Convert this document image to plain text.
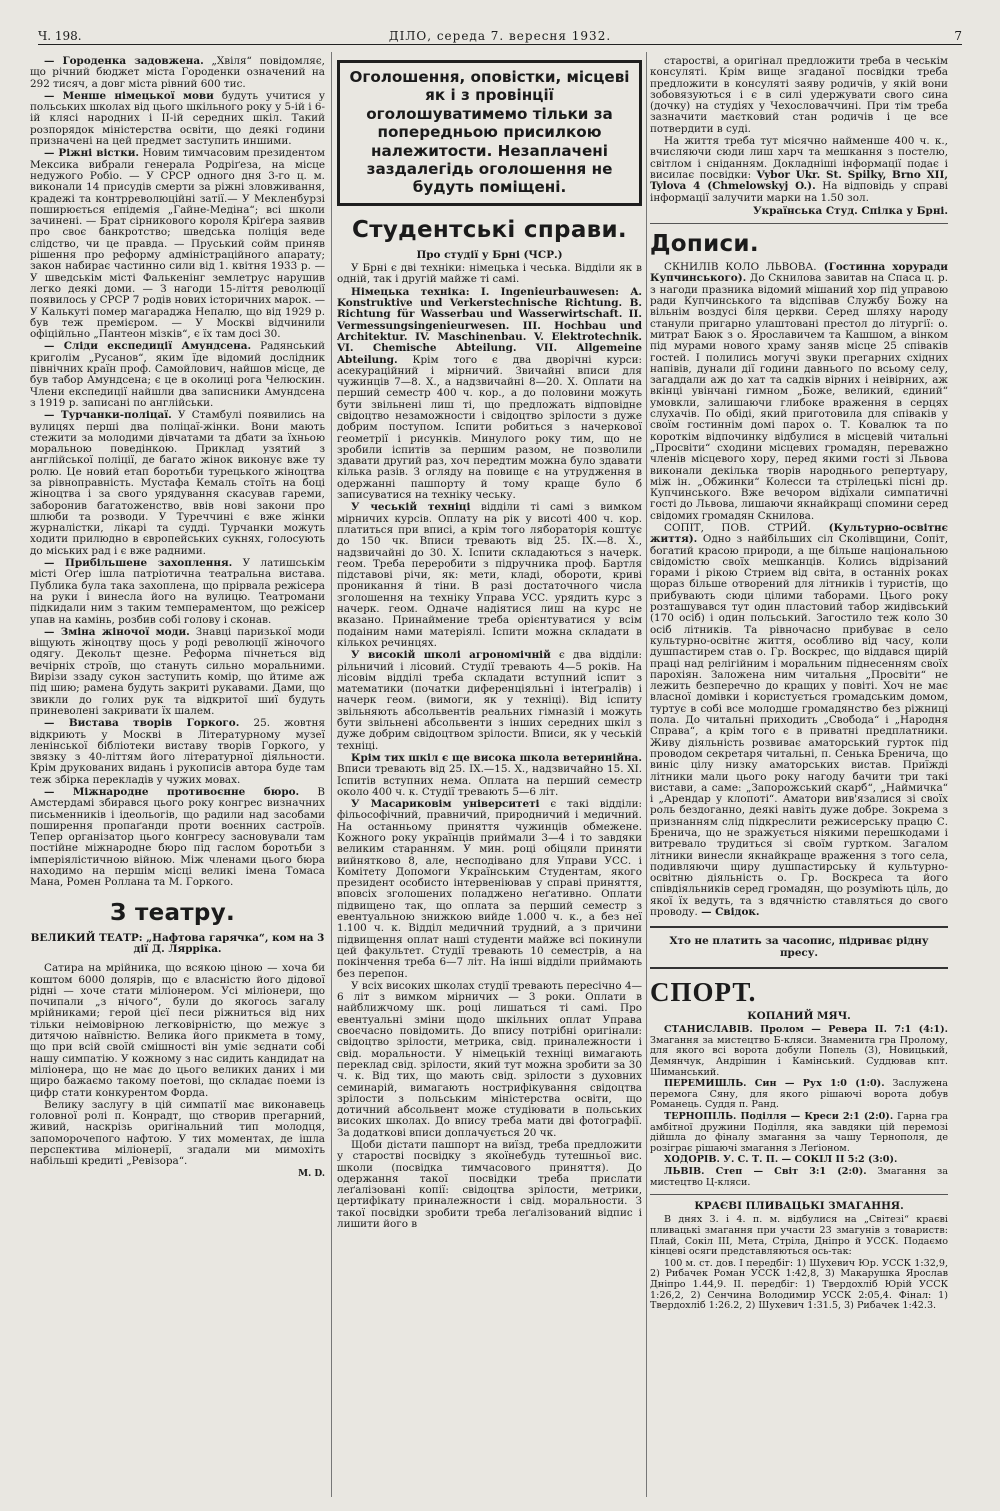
Ч. 198.	ДІЛО, середа 7. вересня 1932.	7

— Городенка задовжена. „Хвіля“ повідомляє, що річний бюджет міста Городенки означений на 292 тисяч, а довг міста рівний 600 тис.

— Менше німецької мови будуть учитися у польських школах від цього шкільного року у 5-ій і 6-ій клясі народних і ІІ-ій середних шкіл. Такий розпорядок міністерства освіти, що деякі години призначені на цей предмет заступить иншими.

— Ріжні вістки. Новим тимчасовим президентом Мексика вибрали генерала Родріґеза, на місце недужого Робіо. — У СРСР одного дня 3-го ц. м. виконали 14 присудів смерти за ріжні зловживання, крадежі та контрреволюційні затії.— У Мекленбурзі поширюється епідемія „Гайне-Медіна“; всі школи зачинені. — Брат сірникового короля Кріґера заявив про своє банкротство; шведська поліція веде слідство, чи це правда. — Пруський сойм приняв рішення про реформу адміністраційного апарату; закон набирає частинно сили від 1. квітня 1933 р. — У шведськім місті Фалькенінг землетрус нарушив легко деякі доми. — З нагоди 15-ліття революції появилось у СРСР 7 родів нових історичних марок. — У Калькуті помер магараджа Непалю, що від 1929 р. був теж премієром. — У Москві відчинили офіційльно „Пантеон мізків“, є їх там досі 30.

— Сліди експедиції Амундсена. Радянський криголім „Русанов“, яким їде відомий дослідник північних країн проф. Самойлович, найшов місце, де був табор Амундсена; є це в околиці рога Челюскин. Члени експедиції найшли два записники Амундсена з 1919 р. записані по англійськи.

— Турчанки-поліцаї. У Стамбулі появились на вулицях перші два поліцаї-жінки. Вони мають стежити за молодими дівчатами та дбати за їхньою моральною поведінкою. Приклад узятий з англійської поліції, де багато жінок виконує вже ту ролю. Це новий етап боротьби турецького жіноцтва за рівноправність. Мустафа Кемаль стоїть на боці жіноцтва і за свого урядування скасував гареми, заборонив багатоженство, ввів нові закони про шлюби та розводи. У Туреччині є вже жінки журналістки, лікарі та судді. Турчанки можуть ходити прилюдно в європейських сукнях, голосують до міських рад і є вже радними.

— Прибільшене захоплення. У латишськім місті Оґер ішла патріотична театральна вистава. Публика була така захоплена, що прірвала режісера на руки і винесла його на вулицю. Театромани підкидали ним з таким темпераментом, що режісер упав на камінь, розбив собі голову і сконав.

— Зміна жіночої моди. Знавці паризької моди віщують жіноцтву щось у роді революції жіночого одягу. Декольт щезне. Реформа пічнеться від вечірніх строїв, що стануть сильно моральними. Вирізи ззаду сукон заступить комір, що йтиме аж під шию; рамена будуть закриті рукавами. Дами, що звикли до голих рук та відкритої шиї будуть приневолені закривати їх шалем.

— Вистава творів Горкого. 25. жовтня відкриють у Москві в Літературному музеї ленінської бібліотеки виставу творів Горкого, у звязку з 40-літтям його літературної діяльности. Крім друкованих видань і рукописів автора буде там теж збірка перекладів у чужих мовах.

— Міжнародне противоєнне бюро. В Амстердамі збирався цього року конгрес визначних письменників і ідеольогів, що радили над засобами поширення пропаґанди проти воєнних састроїв. Тепер організатор цього конгресу засновували там постійне міжнародне бюро під гаслом боротьби з імперіялістичною війною. Між членами цього бюра находимо на першім місці великі імена Томаса Мана, Ромен Роллана та М. Горкого.

З театру.
ВЕЛИКИЙ ТЕАТР: „Нафтова гарячка“, ком на 3 дії Д. Лярріка.

Сатира на мрійника, що всякою ціною — хоча би коштом 6000 долярів, що є власністю його дідової рідні — хоче стати міліонером. Усі міліонери, що почипали „з нічого“, були до якогось загалу мрійниками; герой цієї песи ріжниться від них тільки неімовірною легковірністю, що межує з дитячою наївністю. Велика його прикмета в тому, що при всій своїй смішності він уміє зєднати собі нашу симпатію. У кожному з нас сидить кандидат на міліонера, що не має до цього великих даних і ми щиро бажаємо такому поетові, що складає поеми із цифр стати конкурентом Форда.

Велику заслугу в цій симпатії має виконавець головної ролі п. Конрадт, що створив прегарний, живий, наскрізь оригінальний тип молодця, запоморочепого нафтою. У тих моментах, де ішла перспектива міліонерії, згадали ми мимохіть набільші кредиті „Ревізора“.

М. D.
Оголошення, оповістки, місцеві як і з провінції оголошуватимемо тільки за попередньою присилкою належитости. Незаплачені заздалегідь оголошення не будуть поміщені.
Студентські справи.
Про студії у Брні (ЧСР.)

У Брні є дві техніки: німецька і чеська. Відділи як в одній, так і другій майже ті самі.

Німецька техніка: І. Ingenieurbauwesen: A. Konstruktive und Verkerstechnische Richtung. B. Richtung für Wasserbau und Wasserwirtschaft. ІІ. Vermessungsingenieurwesen. III. Hochbau und Architektur. IV. Maschinenbau. V. Elektrotechnik. VI. Chemische Abteilung. VII. Allgemeine Abteilung. Крім того є два дворічні курси: асекураційний і мірничий. Звичайні вписи для чужинців 7—8. Х., а надзвичайні 8—20. Х. Оплати на перший семестр 400 ч. кор., а до половини можуть бути звільнені лиш ті, що предложать відповідне свідоцтво незаможности і свідоцтво зрілости з дуже добрим поступом. Іспити робиться з начеркової геометрії і рисунків. Минулого року тим, що не зробили іспитів за першим разом, не позволили здавати другий раз, хоч передтим можна було здавати кілька разів. З огляду на повище є на утрудження в одержанні пашпорту й тому краще було б записуватися на техніку чеську.

У чеській техніці відділи ті самі з вимком мірничих курсів. Оплату на рік у висоті 400 ч. кор. платиться при вписі, а крім того лябораторія коштує до 150 чк. Вписи тревають від 25. IX.—8. Х., надзвичайні до 30. Х. Іспити складаються з начерк. геом. Треба переробити з підручника проф. Бартля підставові річи, як: мети, кладі, обороти, криві проникання й тіни. В разі достаточного числа зголошення на техніку Управа УСС. урядить курс з начерк. геом. Одначе надіятися лиш на курс не вказано. Принаймение треба орієнтуватися у всім подаіним нами матеріялі. Іспити можна складати в кількох речинцях.

У високій школі агрономічній є два відділи: рільничий і лісовий. Студії тревають 4—5 років. На лісовім відділі треба складати вступний іспит з математики (початки диференціяльні і інтеґралів) і начерк геом. (вимоги, як у техніці). Від іспиту звільняють абсольвентів реальних гімназій і можуть бути звільнені абсольвенти з інших середних шкіл з дуже добрим свідоцтвом зрілости. Вписи, як у чеській техніці.

Крім тих шкіл є ще висока школа ветеринійна. Вписи тревають від 25. IX.—15. X., надзвичайно 15. XI. Іспитів вступних нема. Оплата на перший семестр около 400 ч. к. Студії тревають 5—6 літ.

У Масариковім університеті є такі відділи: фільософічний, правничий, природничий і медичний. На останньому приняття чужинців обмежене. Кожного року українців приймали 3—4 і то завдяки великим старанням. У мин. році обіцяли приняти вийнятково 8, але, несподівано для Управи УСС. і Комітету Допомоги Українським Студентам, якого президент особисто інтервеніював у справі приняття, вповсіх зголошених поладжено неґативно. Оплати підвищено так, що оплата за перший семестр з евентуальною знижкою вийде 1.000 ч. к., а без неї 1.100 ч. к. Відділ медичний трудний, а з причини підвищення оплат наші студенти майже всі покинули цей факультет. Студії тревають 10 семестрів, а на покінчення треба 6—7 літ. На інші відділи приймають без перепон.

У всіх високих школах студії тревають пересічно 4—6 літ з вимком мірничих — 3 роки. Оплати в найближчому шк. році лишаться ті самі. Про евентуальні зміни щодо шкільних оплат Управа своєчасно повідомить. До впису потрібні оригінали: свідоцтво зрілости, метрика, свід. приналежности і свід. моральности. У німецькій техніці вимагають переклад свід. зрілости, який тут можна зробити за 30 ч. к. Від тих, що мають свід. зрілости з духовних семинарій, вимагають нострифікування свідоцтва зрілости з польським міністерства освіти, що дотичний абсольвент може студіювати в польських високих школах. До впису треба мати дві фотографії. За додаткові вписи доплачується 20 чк.

Щоби дістати пашпорт на виїзд, треба предложити у старостві посвідку з якоїнебудь тутешньої вис. школи (посвідка тимчасового приняття). До одержання такої посвідки треба прислати леґалізовані копії: свідоцтва зрілости, метрики, цертифікату приналежности і свід. моральности. З такої посвідки зробити треба леґалізований відпис і лишити його в

старостві, а оригінал предложити треба в чеськім консуляті. Крім вище згаданої посвідки треба предложити в консуляті заяву родичів, у якій вони зобовязуються і є в силі удержувати свого сина (дочку) на студіях у Чехословаччині. При тім треба зазначити маєтковий стан родичів і це все потвердити в суді.

На життя треба тут місячно найменше 400 ч. к., вчисляючи сюди лиш харч та мешкання з постелю, світлом і сніданням. Докладніші інформації подає і висилає посвідки: Vybor Ukr. St. Spilky, Brno XII, Tylova 4 (Chmelowskyj O.). На відповідь у справі інформації залучити марки на 1.50 зол.

Українська Студ. Спілка у Брні.
Дописи.

СКНИЛІВ КОЛО ЛЬВОВА. (Гостинна хоруради Купчинського). До Скнилова завитав на Спаса ц. р. з нагоди празника відомий мішаний хор під управою ради Купчинського та відспівав Службу Божу на вільнім воздусі біля церкви. Серед шляху народу станули пригарно улаштовані престол до літургії: о. митрат Баюк з о. Ярославичем та Кашшом, а вінком під мурами нового храму заняв місце 25 співаків гостей. І полились могучі звуки прегарних східних напівів, дунали дії години давнього по всьому селу, загаддали аж до хат та садків вірних і неівірних, аж вкінці увінчані гимном „Боже, великий, єдиний“ умовкли, залишаючи глибоке враження в серцях слухачів. По обіді, який приготовила для співаків у своїм гостиннім домі парох о. Т. Ковалюк та по короткім відпочинку відбулися в місцевій читальні „Просвіти“ сходини місцевих громадян, переважно членів місцевого хору, перед якими гості зі Львова виконали декілька творів народнього репертуару, між ін. „Обжинки“ Колесси та стрілецькі пісні др. Купчинського. Вже вечором відїхали симпатичні гості до Львова, лишаючи якнайкращі спомини серед свідомих громадян Скнилова.

СОПІТ, ПОВ. СТРИЙ. (Культурно-освітнє життя). Одно з найбільших сіл Сколівщини, Сопіт, богатий красою природи, а ще більше національною свідомістю своїх мешканців. Колись відрізаний горами і рікою Стрием від світа, в останніх роках щораз більше отворений для літників і туристів, що прибувають сюди цілими таборами. Цього року розташувався тут один пластовий табор жидівський (170 осіб) і один польський. Загостило теж коло 30 осіб літників. Та рівночасно прибуває в село культурно-освітнє життя, особливо від часу, коли душпастирем став о. Гр. Воскрес, що віддався щирій праці над релігійним і моральним піднесенням своїх парохіян. Заложена ним читальня „Просвіти“ не лежить безперечно до кращих у повіті. Хоч не має власної домівки і користується громадським домом, туртує в собі все молодше громадянство без ріжниці пола. До читальні приходить „Свобода“ і „Народня Справа“, а крім того є в приватні предплатники. Живу діяльність розвиває аматорський гурток під проводом секретаря читальні, п. Сенька Бренича, що виніс цілу низку аматорських вистав. Приїжді літники мали цього року нагоду бачити три такі вистави, а саме: „Запорожський скарб“, „Наймичка“ і „Арендар у клопоті“. Аматори вив'язалися зі своїх роль бездоганно, деякі навіть дуже добре. Зокрема з признанням слід підкреслити режисерську працю С. Бренича, що не зражується ніякими перешкодами і витревало трудиться зі своїм гуртком. Загалом літники винесли якнайкраще враження з того села, подивляючи щиру душпастирську й культурно-освітню діяльність о. Гр. Воскреса та його співдіяльників серед громадян, що розуміють ціль, до якої їх ведуть, та з вдячністю ставляться до свого проводу. — Свідок.

Хто не платить за часопис, підриває рідну пресу.
СПОРТ.
КОПАНИЙ МЯЧ.

СТАНИСЛАВІВ. Пролом — Ревера II. 7:1 (4:1). Змагання за мистецтво Б-кляси. Знаменита гра Пролому, для якого всі ворота добули Попель (3), Новицький, Демянчук, Андрішин і Камінський. Суддював кпт. Шиманський.

ПЕРЕМИШЛЬ. Син — Рух 1:0 (1:0). Заслужена перемога Сяну, для якого рішаючі ворота добув Романець. Суддя п. Ранд.

ТЕРНОПІЛЬ. Поділля — Креси 2:1 (2:0). Гарна гра амбітної дружини Поділля, яка завдяки цій перемозі дійшла до фіналу змагання за чашу Тернополя, де розіграє рішаючі змагання з Леґіоном.

ХОДОРІВ. У. С. Т. П. — СОКІЛ II 5:2 (3:0).

ЛЬВІВ. Степ — Світ 3:1 (2:0). Змагання за мистецтво Ц-кляси.

КРАЄВІ ПЛИВАЦЬКІ ЗМАГАННЯ.

В днях 3. і 4. п. м. відбулися на „Світезі“ краєві пливацькі змагання при участи 23 змагунів з товариств: Плай, Сокіл ІІІ, Мета, Стріла, Дніпро й УССК. Подаємо кінцеві осяги представляються ось-так:

100 м. ст. дов. І передбіг: 1) Шухевич Юр. УССК 1:32,9, 2) Рибачек Роман УССК 1:42,8, 3) Макарушка Ярослав Дніпро 1.44,9. II. передбіг: 1) Твердохліб Юрій УССК 1:26,2, 2) Сенчина Володимир УССК 2:05,4. Фінал: 1) Твердохліб 1:26.2, 2) Шухевич 1:31.5, 3) Рибачек 1:42.3.
